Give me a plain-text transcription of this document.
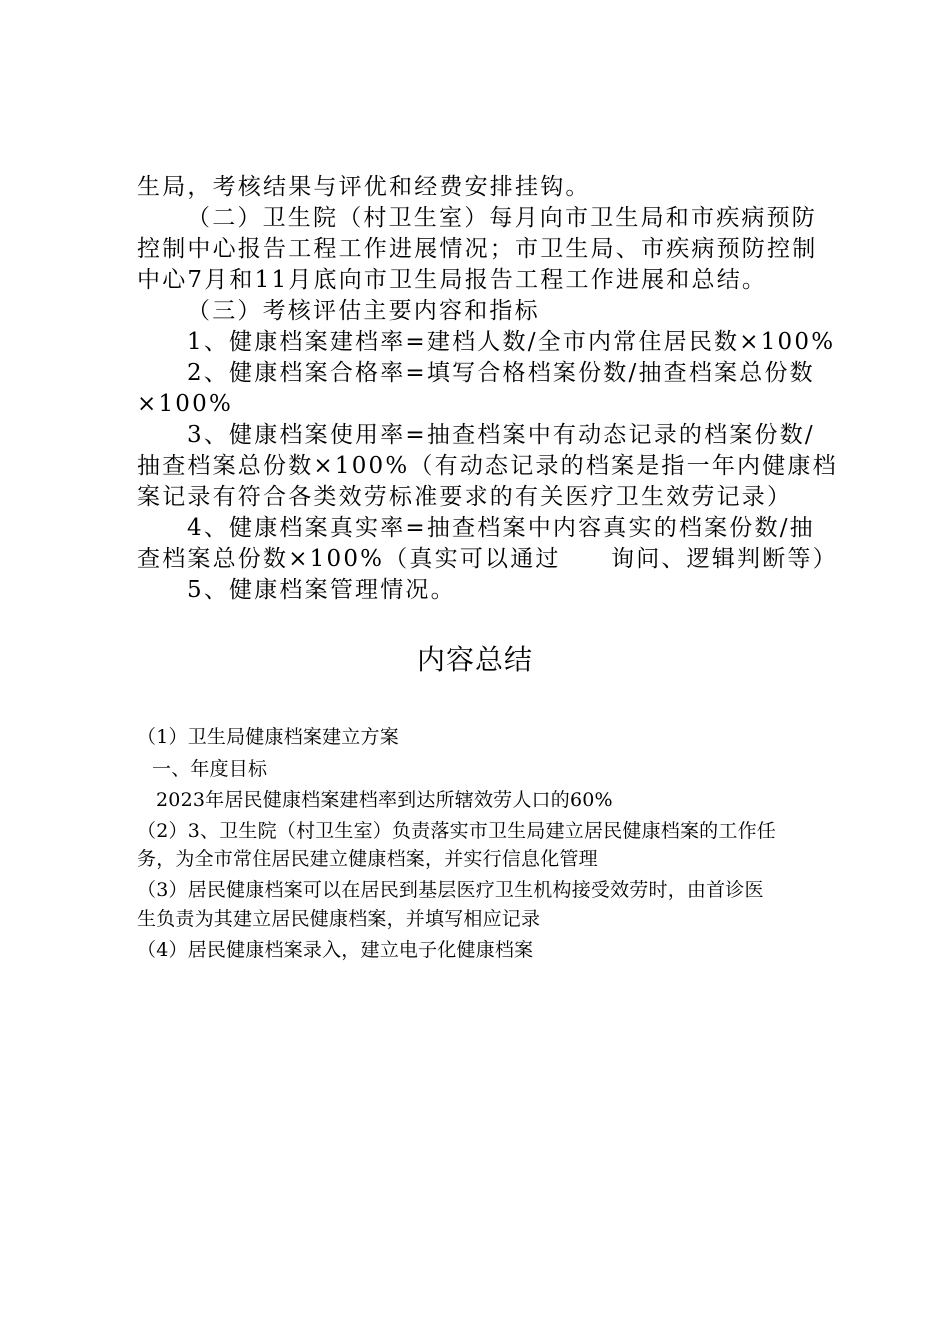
生局，考核结果与评优和经费安排挂钩。
（二）卫生院（村卫生室）每月向市卫生局和市疾病预防
控制中心报告工程工作进展情况；市卫生局、市疾病预防控制
中心7月和11月底向市卫生局报告工程工作进展和总结。
（三）考核评估主要内容和指标
1、健康档案建档率=建档人数/全市内常住居民数×100%
2、健康档案合格率=填写合格档案份数/抽查档案总份数
×100%
3、健康档案使用率=抽查档案中有动态记录的档案份数/
抽查档案总份数×100%（有动态记录的档案是指一年内健康档
案记录有符合各类效劳标准要求的有关医疗卫生效劳记录）
4、健康档案真实率=抽查档案中内容真实的档案份数/抽
查档案总份数×100%（真实可以通过　　询问、逻辑判断等）
5、健康档案管理情况。
内容总结
（1）卫生局健康档案建立方案
一、年度目标
2023年居民健康档案建档率到达所辖效劳人口的60%
（2）3、卫生院（村卫生室）负责落实市卫生局建立居民健康档案的工作任
务，为全市常住居民建立健康档案，并实行信息化管理
（3）居民健康档案可以在居民到基层医疗卫生机构接受效劳时，由首诊医
生负责为其建立居民健康档案，并填写相应记录
（4）居民健康档案录入，建立电子化健康档案
